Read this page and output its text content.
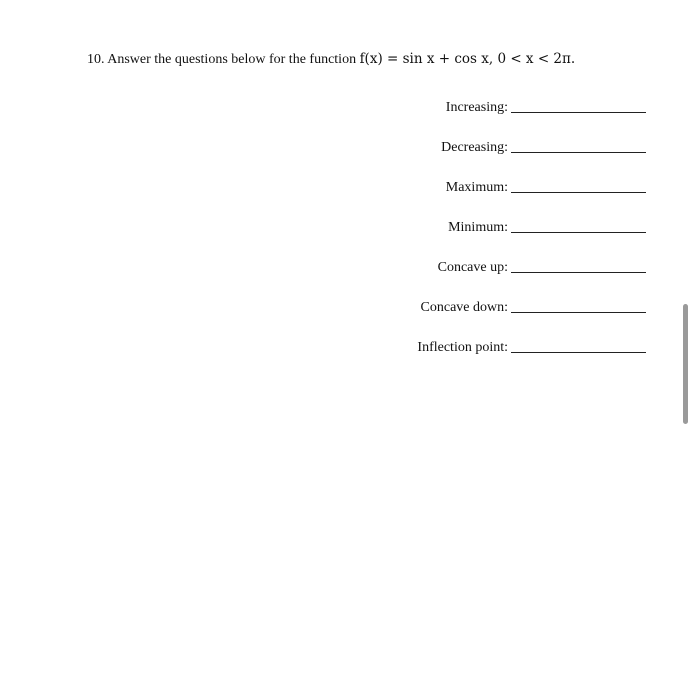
10. Answer the questions below for the function f(x) = sin x + cos x, 0 < x < 2π.
Increasing:
Decreasing:
Maximum:
Minimum:
Concave up:
Concave down:
Inflection point:
